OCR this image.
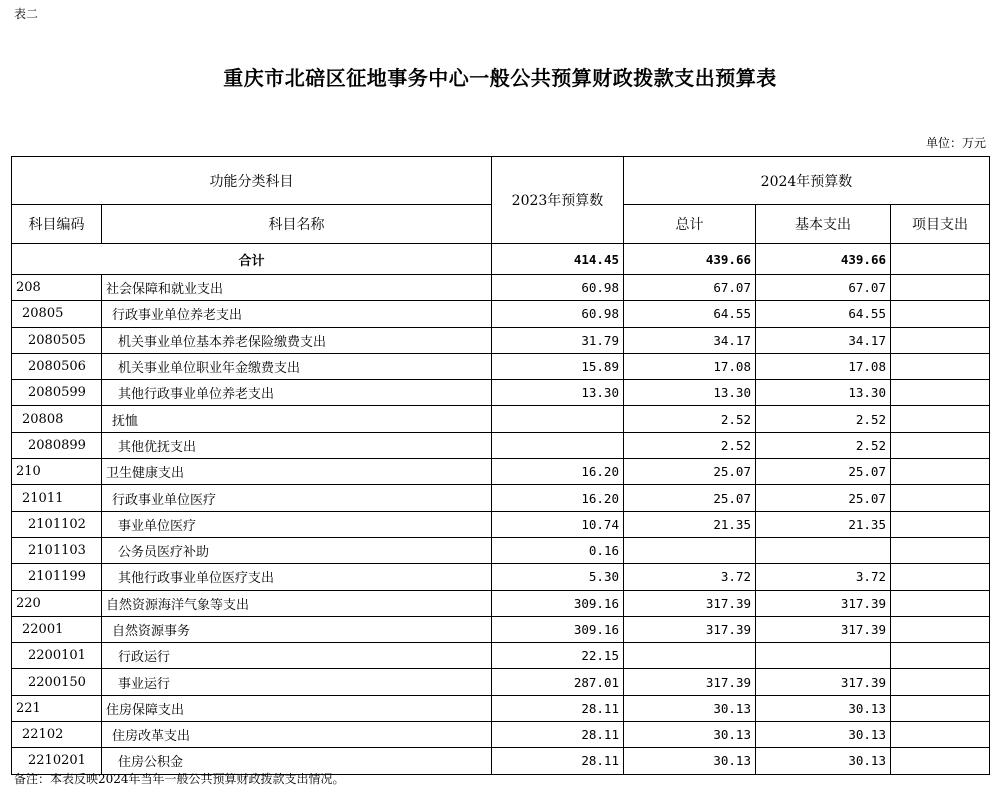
表二
重庆市北碚区征地事务中心一般公共预算财政拨款支出预算表
单位：万元
功能分类科目		2023年预算数	2024年预算数		
科目编码	科目名称		总计	基本支出	项目支出
合计		414.45	439.66	439.66	
208	社会保障和就业支出	60.98	67.07	67.07	
20805	行政事业单位养老支出	60.98	64.55	64.55	
2080505	机关事业单位基本养老保险缴费支出	31.79	34.17	34.17	
2080506	机关事业单位职业年金缴费支出	15.89	17.08	17.08	
2080599	其他行政事业单位养老支出	13.30	13.30	13.30	
20808	抚恤		2.52	2.52	
2080899	其他优抚支出		2.52	2.52	
210	卫生健康支出	16.20	25.07	25.07	
21011	行政事业单位医疗	16.20	25.07	25.07	
2101102	事业单位医疗	10.74	21.35	21.35	
2101103	公务员医疗补助	0.16			
2101199	其他行政事业单位医疗支出	5.30	3.72	3.72	
220	自然资源海洋气象等支出	309.16	317.39	317.39	
22001	自然资源事务	309.16	317.39	317.39	
2200101	行政运行	22.15			
2200150	事业运行	287.01	317.39	317.39	
221	住房保障支出	28.11	30.13	30.13	
22102	住房改革支出	28.11	30.13	30.13	
2210201	住房公积金	28.11	30.13	30.13	
备注：本表反映2024年当年一般公共预算财政拨款支出情况。
